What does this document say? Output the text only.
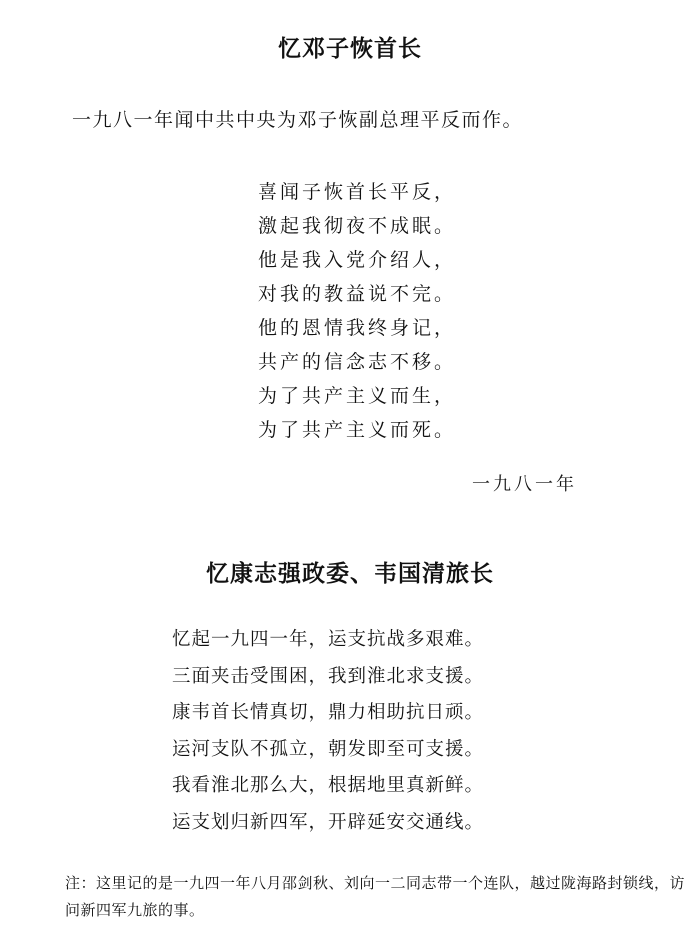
忆邓子恢首长

一九八一年闻中共中央为邓子恢副总理平反而作。

喜闻子恢首长平反，
激起我彻夜不成眠。
他是我入党介绍人，
对我的教益说不完。
他的恩情我终身记，
共产的信念志不移。
为了共产主义而生，
为了共产主义而死。

一九八一年

忆康志强政委、韦国清旅长
忆起一九四一年，运支抗战多艰难。
三面夹击受围困，我到淮北求支援。
康韦首长情真切，鼎力相助抗日顽。
运河支队不孤立，朝发即至可支援。
我看淮北那么大，根据地里真新鲜。
运支划归新四军，开辟延安交通线。

注：这里记的是一九四一年八月邵剑秋、刘向一二同志带一个连队，越过陇海路封锁线，访问新四军九旅的事。
